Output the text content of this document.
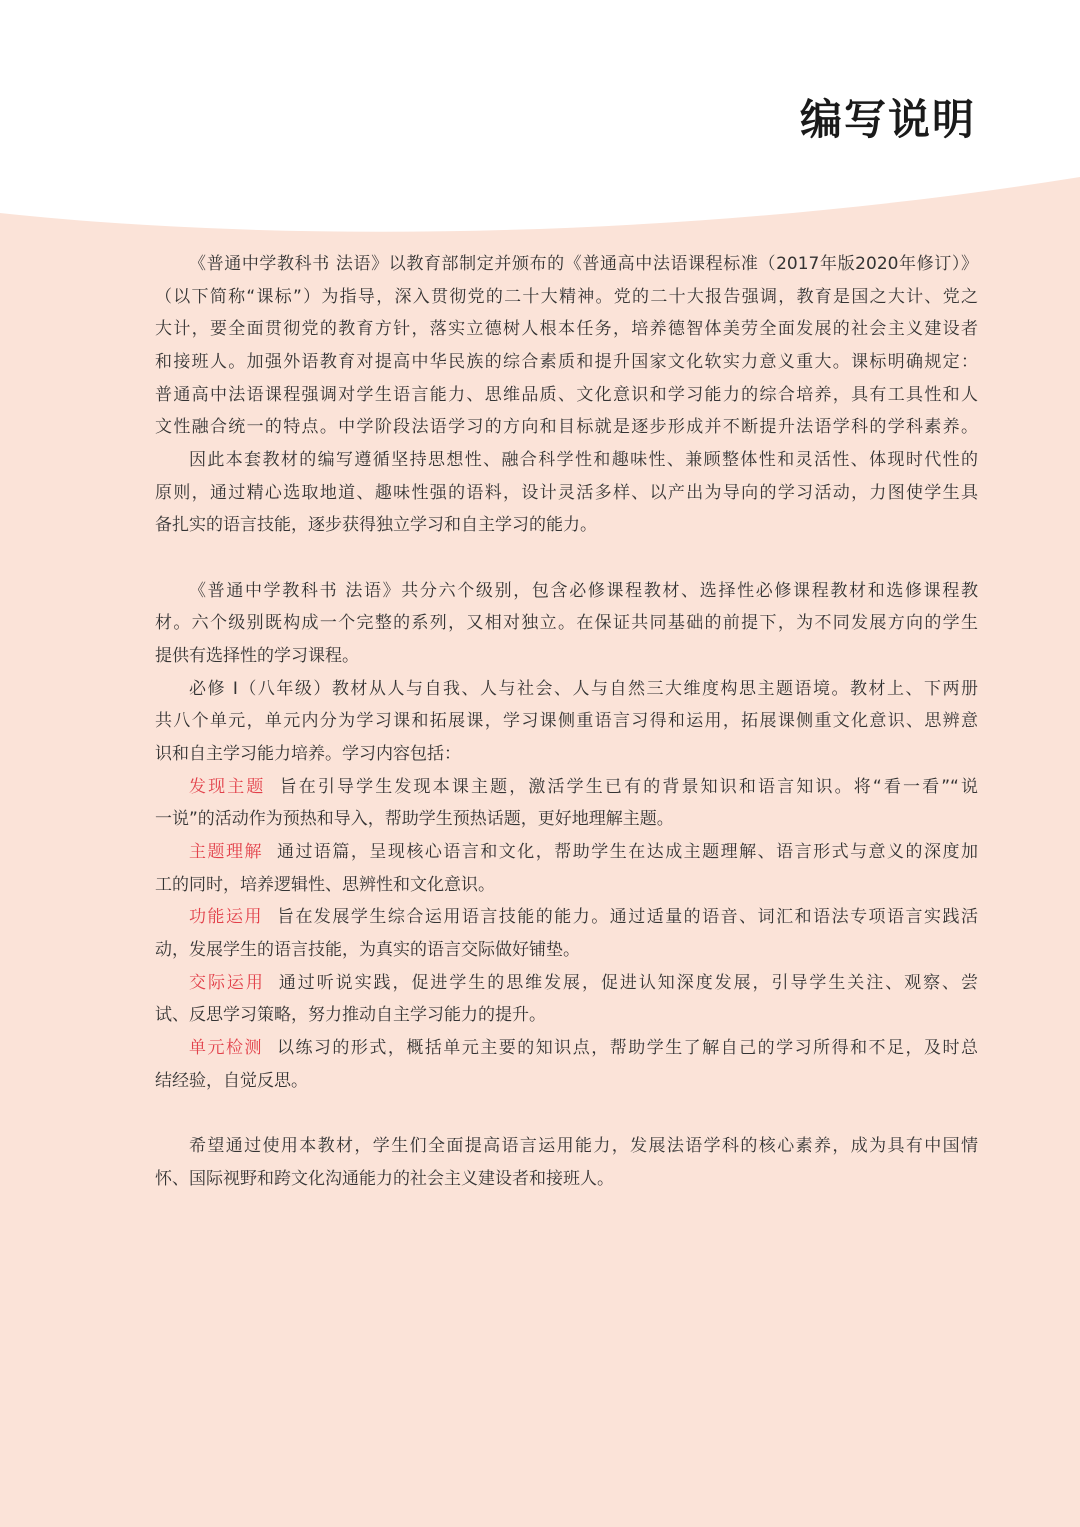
编写说明
《普通中学教科书 法语》以教育部制定并颁布的《普通高中法语课程标准（2017年版2020年修订）》
（以下简称“课标”）为指导，深入贯彻党的二十大精神。党的二十大报告强调，教育是国之大计、党之
大计，要全面贯彻党的教育方针，落实立德树人根本任务，培养德智体美劳全面发展的社会主义建设者
和接班人。加强外语教育对提高中华民族的综合素质和提升国家文化软实力意义重大。课标明确规定：
普通高中法语课程强调对学生语言能力、思维品质、文化意识和学习能力的综合培养，具有工具性和人
文性融合统一的特点。中学阶段法语学习的方向和目标就是逐步形成并不断提升法语学科的学科素养。
因此本套教材的编写遵循坚持思想性、融合科学性和趣味性、兼顾整体性和灵活性、体现时代性的
原则，通过精心选取地道、趣味性强的语料，设计灵活多样、以产出为导向的学习活动，力图使学生具
备扎实的语言技能，逐步获得独立学习和自主学习的能力。
《普通中学教科书 法语》共分六个级别，包含必修课程教材、选择性必修课程教材和选修课程教
材。六个级别既构成一个完整的系列，又相对独立。在保证共同基础的前提下，为不同发展方向的学生
提供有选择性的学习课程。
必修 I（八年级）教材从人与自我、人与社会、人与自然三大维度构思主题语境。教材上、下两册
共八个单元，单元内分为学习课和拓展课，学习课侧重语言习得和运用，拓展课侧重文化意识、思辨意
识和自主学习能力培养。学习内容包括：
发现主题 旨在引导学生发现本课主题，激活学生已有的背景知识和语言知识。将“看一看”“说
一说”的活动作为预热和导入，帮助学生预热话题，更好地理解主题。
主题理解 通过语篇，呈现核心语言和文化，帮助学生在达成主题理解、语言形式与意义的深度加
工的同时，培养逻辑性、思辨性和文化意识。
功能运用 旨在发展学生综合运用语言技能的能力。通过适量的语音、词汇和语法专项语言实践活
动，发展学生的语言技能，为真实的语言交际做好铺垫。
交际运用 通过听说实践，促进学生的思维发展，促进认知深度发展，引导学生关注、观察、尝
试、反思学习策略，努力推动自主学习能力的提升。
单元检测 以练习的形式，概括单元主要的知识点，帮助学生了解自己的学习所得和不足，及时总
结经验，自觉反思。
希望通过使用本教材，学生们全面提高语言运用能力，发展法语学科的核心素养，成为具有中国情
怀、国际视野和跨文化沟通能力的社会主义建设者和接班人。
